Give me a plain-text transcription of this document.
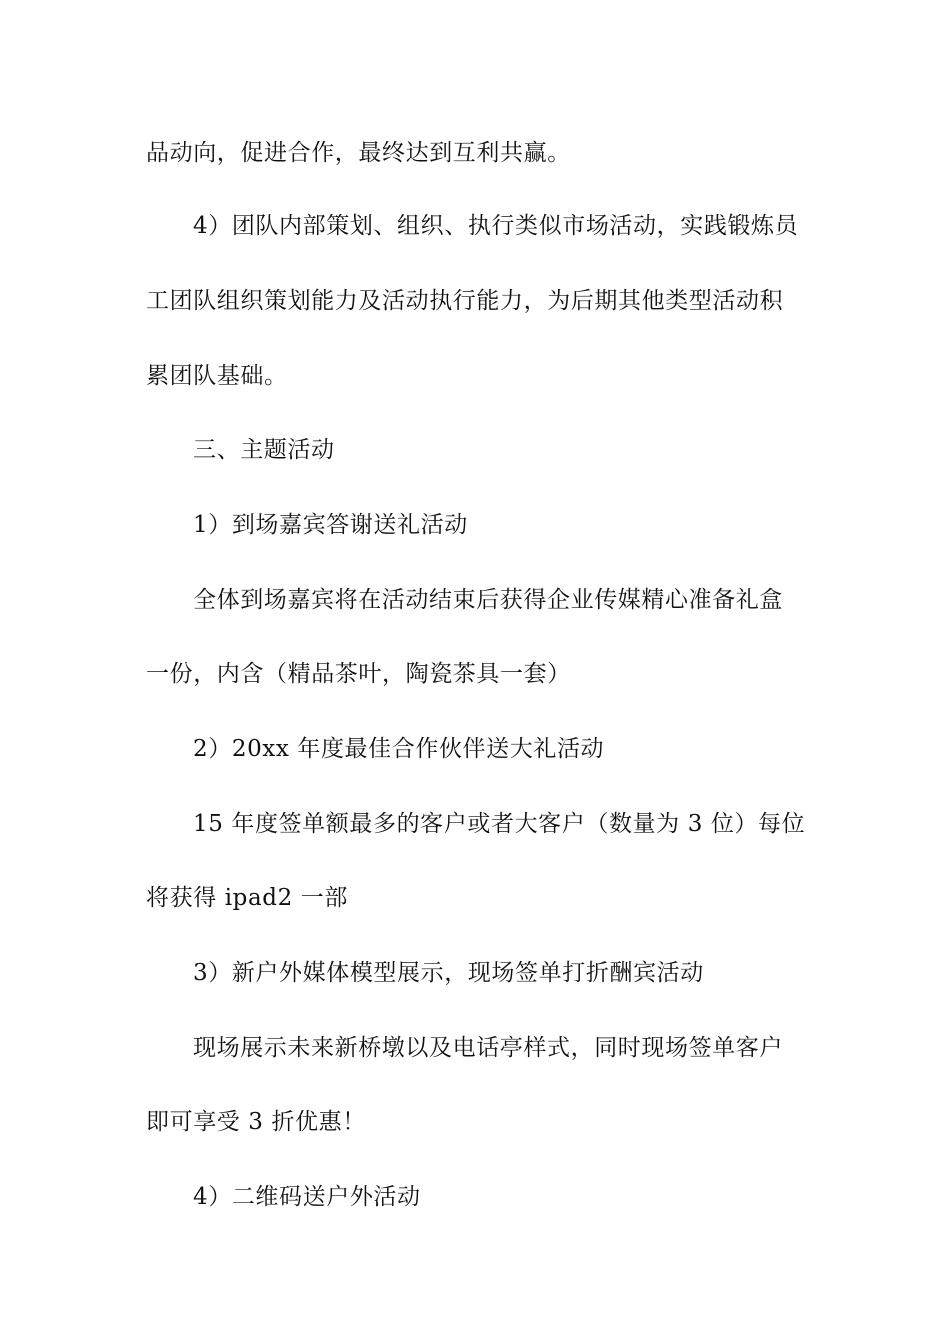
品动向，促进合作，最终达到互利共赢。
4）团队内部策划、组织、执行类似市场活动，实践锻炼员
工团队组织策划能力及活动执行能力，为后期其他类型活动积
累团队基础。
三、主题活动
1）到场嘉宾答谢送礼活动
全体到场嘉宾将在活动结束后获得企业传媒精心准备礼盒
一份，内含（精品茶叶，陶瓷茶具一套）
2）20xx 年度最佳合作伙伴送大礼活动
15 年度签单额最多的客户或者大客户（数量为 3 位）每位
将获得 ipad2 一部
3）新户外媒体模型展示，现场签单打折酬宾活动
现场展示未来新桥墩以及电话亭样式，同时现场签单客户
即可享受 3 折优惠！
4）二维码送户外活动
